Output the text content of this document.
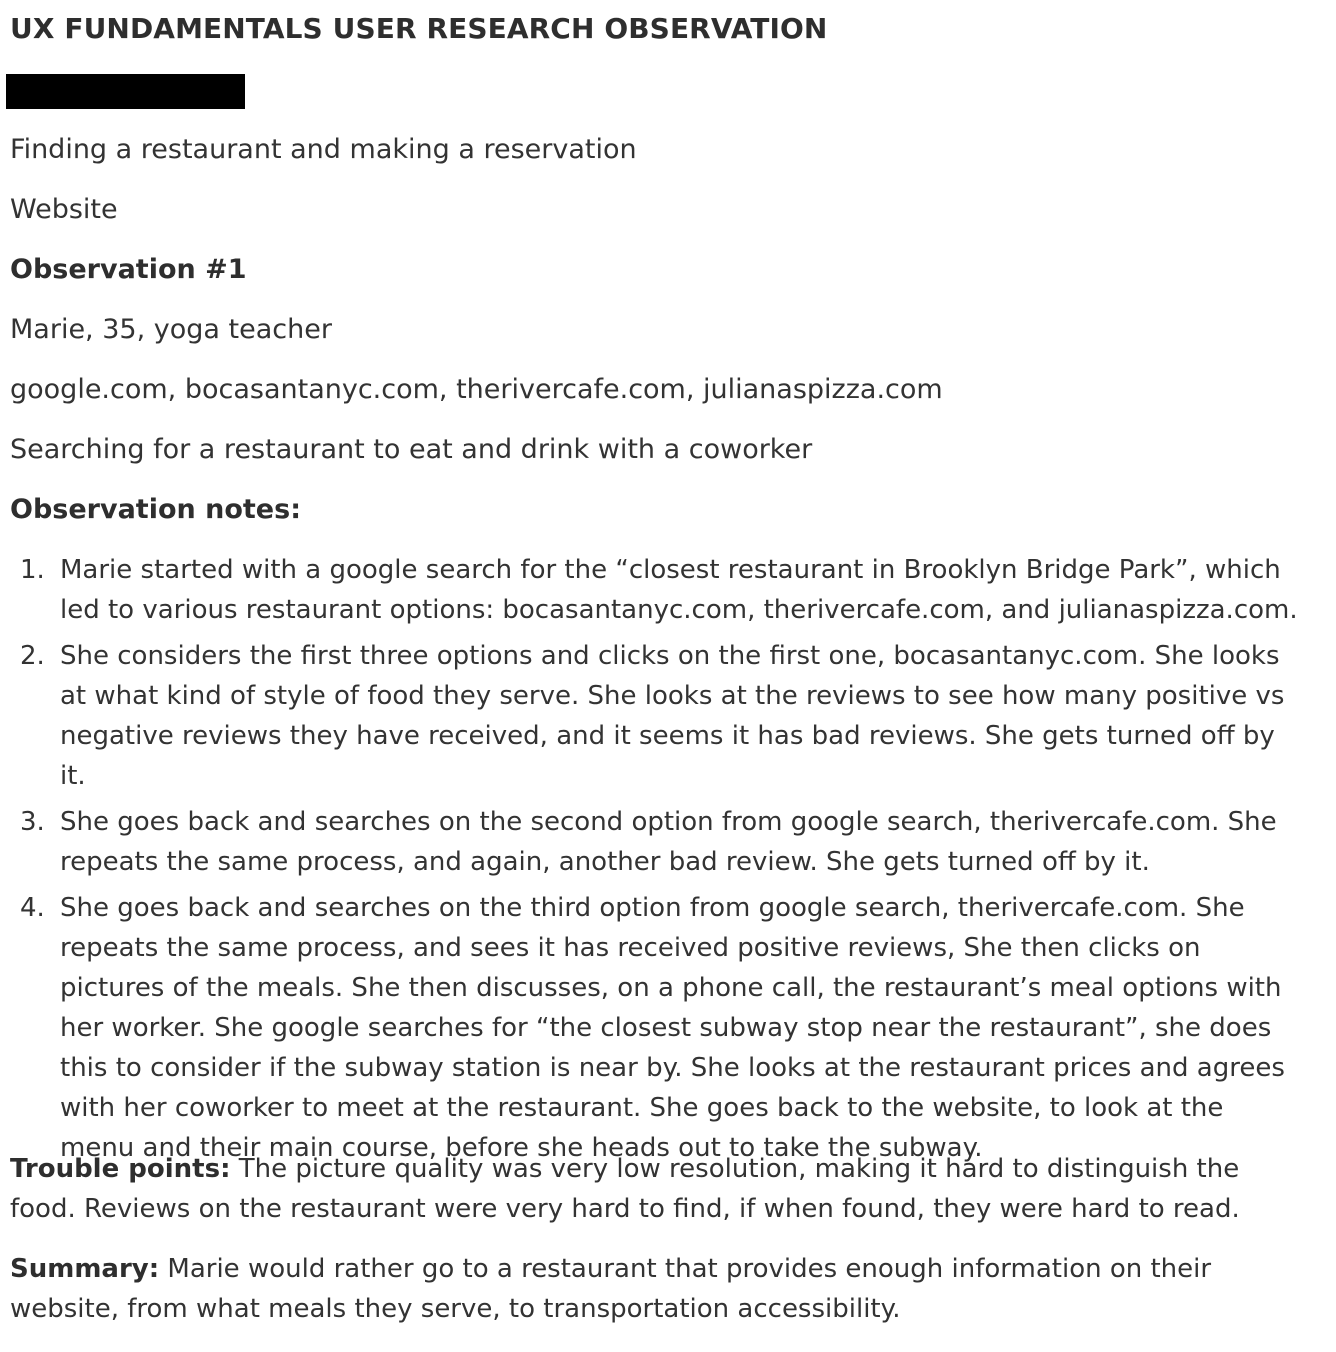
UX FUNDAMENTALS USER RESEARCH OBSERVATION
Finding a restaurant and making a reservation
Website
Observation #1
Marie, 35, yoga teacher
google.com, bocasantanyc.com, therivercafe.com, julianaspizza.com
Searching for a restaurant to eat and drink with a coworker
Observation notes:
1. Marie started with a google search for the “closest restaurant in Brooklyn Bridge Park”, which led to various restaurant options: bocasantanyc.com, therivercafe.com, and julianaspizza.com.
2. She considers the first three options and clicks on the first one, bocasantanyc.com. She looks at what kind of style of food they serve. She looks at the reviews to see how many positive vs negative reviews they have received, and it seems it has bad reviews. She gets turned off by it.
3. She goes back and searches on the second option from google search, therivercafe.com. She repeats the same process, and again, another bad review. She gets turned off by it.
4. She goes back and searches on the third option from google search, therivercafe.com. She repeats the same process, and sees it has received positive reviews, She then clicks on pictures of the meals. She then discusses, on a phone call, the restaurant’s meal options with her worker. She google searches for “the closest subway stop near the restaurant”, she does this to consider if the subway station is near by. She looks at the restaurant prices and agrees with her coworker to meet at the restaurant. She goes back to the website, to look at the menu and their main course, before she heads out to take the subway.
Trouble points: The picture quality was very low resolution, making it hard to distinguish the food. Reviews on the restaurant were very hard to find, if when found, they were hard to read.
Summary: Marie would rather go to a restaurant that provides enough information on their website, from what meals they serve, to transportation accessibility.
